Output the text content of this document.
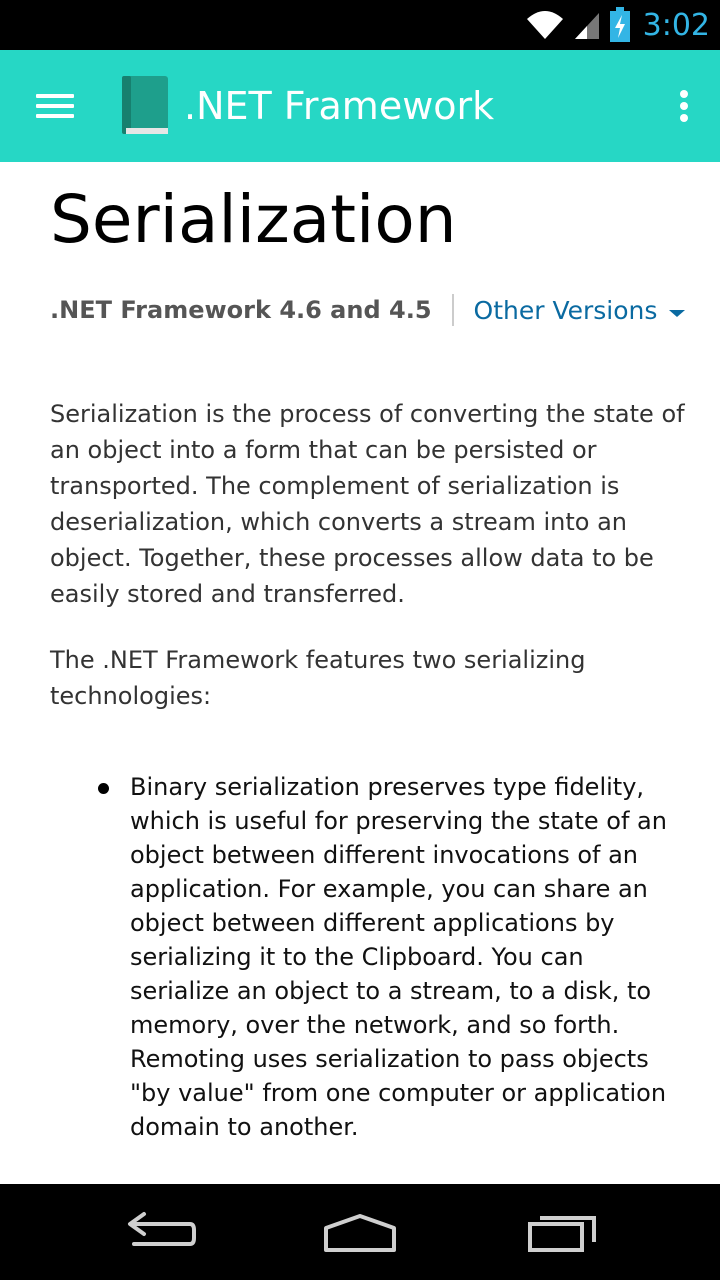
3:02
.NET Framework
Serialization
.NET Framework 4.6 and 4.5 Other Versions

Serialization is the process of converting the state of an object into a form that can be persisted or transported. The complement of serialization is deserialization, which converts a stream into an object. Together, these processes allow data to be easily stored and transferred.

The .NET Framework features two serializing technologies:

Binary serialization preserves type fidelity, which is useful for preserving the state of an object between different invocations of an application. For example, you can share an object between different applications by serializing it to the Clipboard. You can serialize an object to a stream, to a disk, to memory, over the network, and so forth. Remoting uses serialization to pass objects "by value" from one computer or application domain to another.
